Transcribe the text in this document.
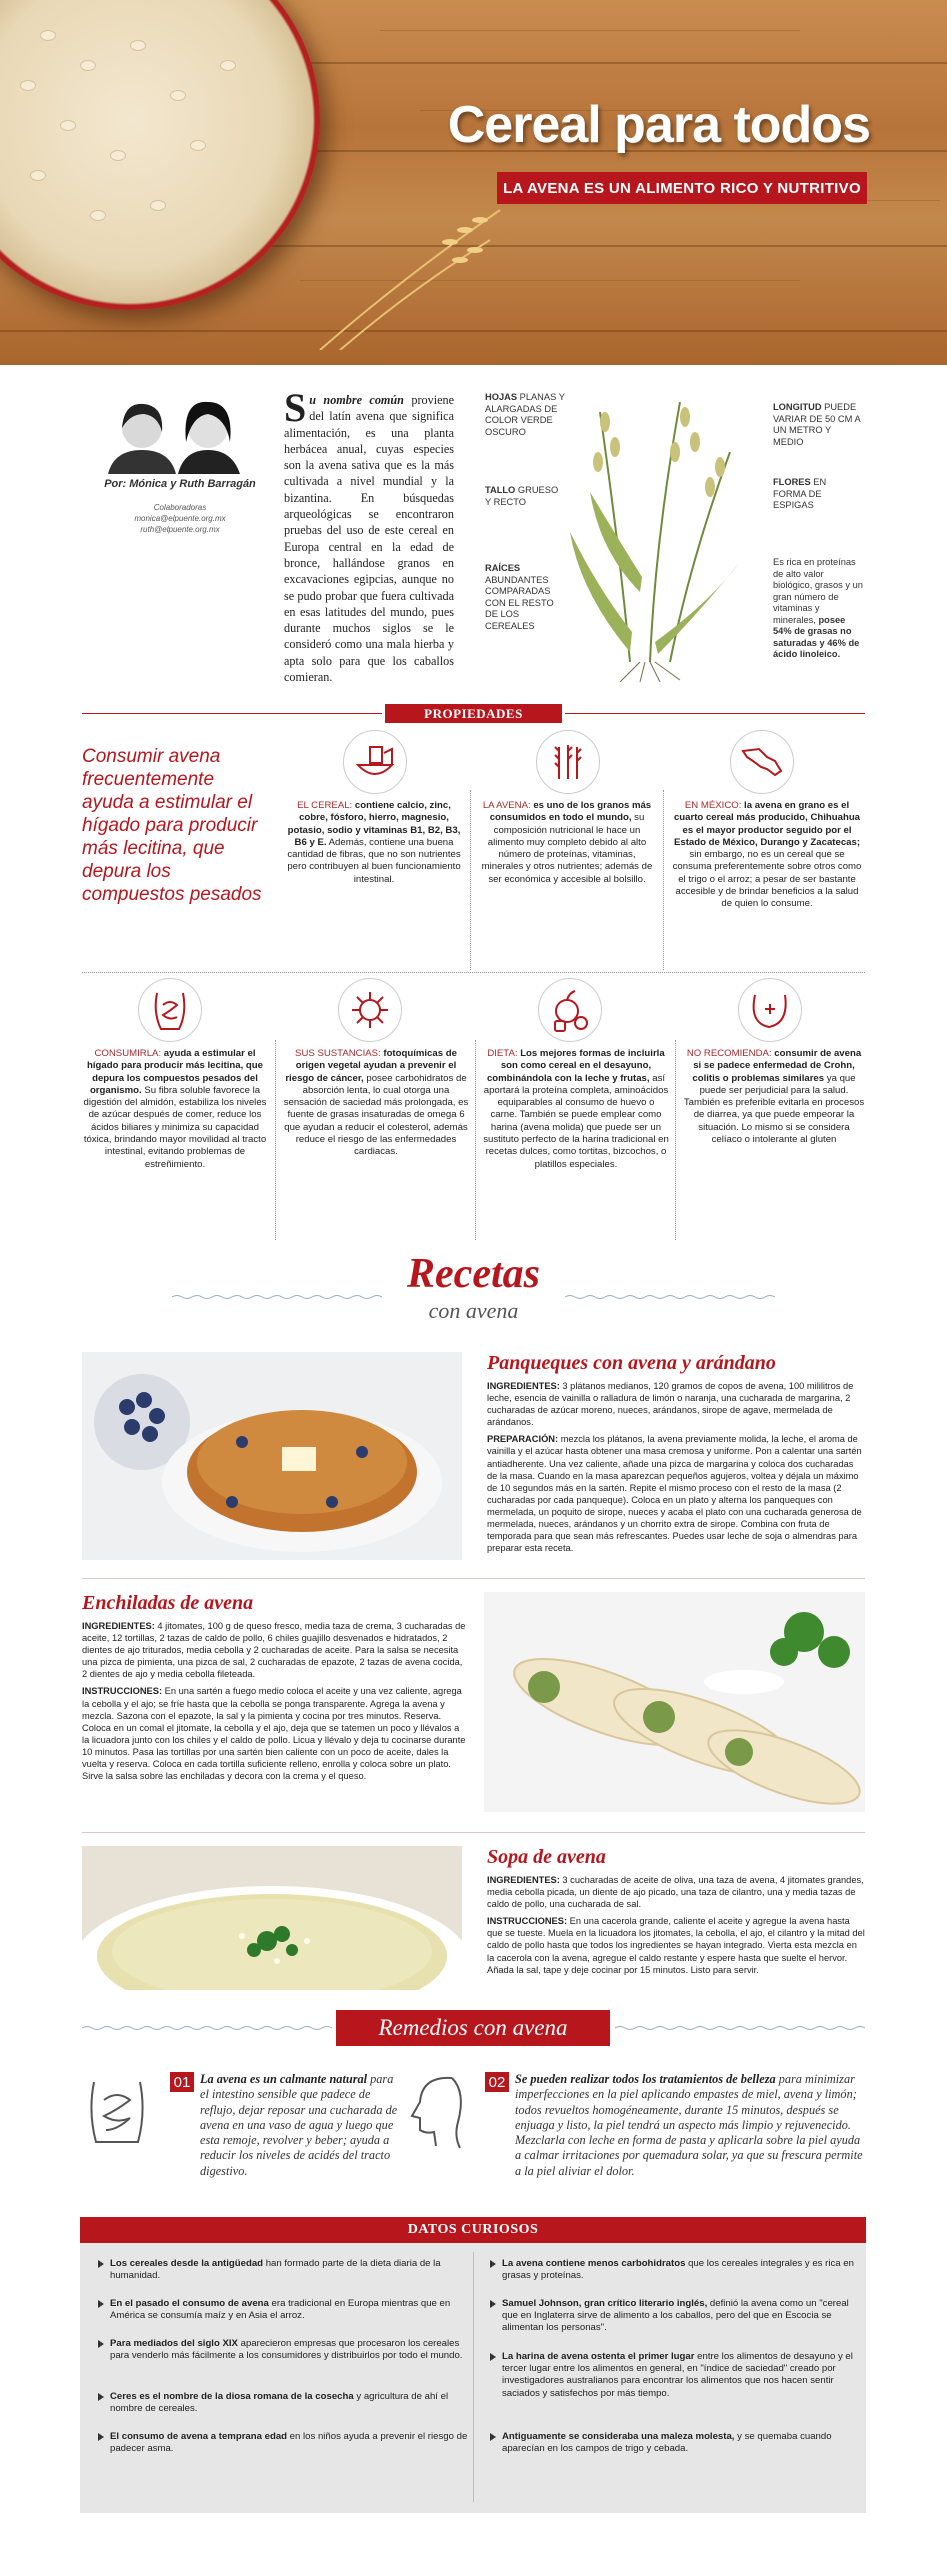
Cereal para todos
LA AVENA ES UN ALIMENTO RICO Y NUTRITIVO
Por: Mónica y Ruth Barragán
Colaboradoras
monica@elpuente.org.mx
ruth@elpuente.org.mx
Su nombre común proviene del latín avena que significa alimentación, es una planta herbácea anual, cuyas especies son la avena sativa que es la más cultivada a nivel mundial y la bizantina. En búsquedas arqueológicas se encontraron pruebas del uso de este cereal en Europa central en la edad de bronce, hallándose granos en excavaciones egipcias, aunque no se pudo probar que fuera cultivada en esas latitudes del mundo, pues durante muchos siglos se le consideró como una mala hierba y apta solo para que los caballos comieran.
HOJAS PLANAS Y ALARGADAS DE COLOR VERDE OSCURO
TALLO GRUESO Y RECTO
RAÍCES ABUNDANTES COMPARADAS CON EL RESTO DE LOS CEREALES
LONGITUD PUEDE VARIAR DE 50 CM A UN METRO Y MEDIO
FLORES EN FORMA DE ESPIGAS
Es rica en proteínas de alto valor biológico, grasos y un gran número de vitaminas y minerales, posee 54% de grasas no saturadas y 46% de ácido linoleico.
PROPIEDADES
Consumir avena frecuentemente ayuda a estimular el hígado para producir más lecitina, que depura los compuestos pesados
EL CEREAL: contiene calcio, zinc, cobre, fósforo, hierro, magnesio, potasio, sodio y vitaminas B1, B2, B3, B6 y E. Además, contiene una buena cantidad de fibras, que no son nutrientes pero contribuyen al buen funcionamiento intestinal.
LA AVENA: es uno de los granos más consumidos en todo el mundo, su composición nutricional le hace un alimento muy completo debido al alto número de proteínas, vitaminas, minerales y otros nutrientes; además de ser económica y accesible al bolsillo.
EN MÉXICO: la avena en grano es el cuarto cereal más producido, Chihuahua es el mayor productor seguido por el Estado de México, Durango y Zacatecas; sin embargo, no es un cereal que se consuma preferentemente sobre otros como el trigo o el arroz; a pesar de ser bastante accesible y de brindar beneficios a la salud de quien lo consume.
CONSUMIRLA: ayuda a estimular el hígado para producir más lecitina, que depura los compuestos pesados del organismo. Su fibra soluble favorece la digestión del almidón, estabiliza los niveles de azúcar después de comer, reduce los ácidos biliares y minimiza su capacidad tóxica, brindando mayor movilidad al tracto intestinal, evitando problemas de estreñimiento.
SUS SUSTANCIAS: fotoquímicas de origen vegetal ayudan a prevenir el riesgo de cáncer, posee carbohidratos de absorción lenta, lo cual otorga una sensación de saciedad más prolongada, es fuente de grasas insaturadas de omega 6 que ayudan a reducir el colesterol, además reduce el riesgo de las enfermedades cardiacas.
DIETA: Los mejores formas de incluirla son como cereal en el desayuno, combinándola con la leche y frutas, así aportará la proteína completa, aminoácidos equiparables al consumo de huevo o carne. También se puede emplear como harina (avena molida) que puede ser un sustituto perfecto de la harina tradicional en recetas dulces, como tortitas, bizcochos, o platillos especiales.
NO RECOMIENDA: consumir de avena si se padece enfermedad de Crohn, colitis o problemas similares ya que puede ser perjudicial para la salud. También es preferible evitarla en procesos de diarrea, ya que puede empeorar la situación. Lo mismo si se considera celíaco o intolerante al gluten
Recetas
con avena
Panqueques con avena y arándano

INGREDIENTES: 3 plátanos medianos, 120 gramos de copos de avena, 100 mililitros de leche, esencia de vainilla o ralladura de limón o naranja, una cucharada de margarina, 2 cucharadas de azúcar moreno, nueces, arándanos, sirope de agave, mermelada de arándanos.

PREPARACIÓN: mezcla los plátanos, la avena previamente molida, la leche, el aroma de vainilla y el azúcar hasta obtener una masa cremosa y uniforme. Pon a calentar una sartén antiadherente. Una vez caliente, añade una pizca de margarina y coloca dos cucharadas de la masa. Cuando en la masa aparezcan pequeños agujeros, voltea y déjala un máximo de 10 segundos más en la sartén. Repite el mismo proceso con el resto de la masa (2 cucharadas por cada panqueque). Coloca en un plato y alterna los panqueques con mermelada, un poquito de sirope, nueces y acaba el plato con una cucharada generosa de mermelada, nueces, arándanos y un chorrito extra de sirope. Combina con fruta de temporada para que sean más refrescantes. Puedes usar leche de soja o almendras para preparar esta receta.

Enchiladas de avena

INGREDIENTES: 4 jitomates, 100 g de queso fresco, media taza de crema, 3 cucharadas de aceite, 12 tortillas, 2 tazas de caldo de pollo, 6 chiles guajillo desvenados e hidratados, 2 dientes de ajo triturados, media cebolla y 2 cucharadas de aceite. Para la salsa se necesita una pizca de pimienta, una pizca de sal, 2 cucharadas de epazote, 2 tazas de avena cocida, 2 dientes de ajo y media cebolla fileteada.

INSTRUCCIONES: En una sartén a fuego medio coloca el aceite y una vez caliente, agrega la cebolla y el ajo; se fríe hasta que la cebolla se ponga transparente. Agrega la avena y mezcla. Sazona con el epazote, la sal y la pimienta y cocina por tres minutos. Reserva. Coloca en un comal el jitomate, la cebolla y el ajo, deja que se tatemen un poco y llévalos a la licuadora junto con los chiles y el caldo de pollo. Licua y llévalo y deja tu cocinarse durante 10 minutos. Pasa las tortillas por una sartén bien caliente con un poco de aceite, dales la vuelta y reserva. Coloca en cada tortilla suficiente relleno, enrolla y coloca sobre un plato. Sirve la salsa sobre las enchiladas y decora con la crema y el queso.

Sopa de avena

INGREDIENTES: 3 cucharadas de aceite de oliva, una taza de avena, 4 jitomates grandes, media cebolla picada, un diente de ajo picado, una taza de cilantro, una y media tazas de caldo de pollo, una cucharada de sal.

INSTRUCCIONES: En una cacerola grande, caliente el aceite y agregue la avena hasta que se tueste. Muela en la licuadora los jitomates, la cebolla, el ajo, el cilantro y la mitad del caldo de pollo hasta que todos los ingredientes se hayan integrado. Vierta esta mezcla en la cacerola con la avena, agregue el caldo restante y espere hasta que suelte el hervor. Añada la sal, tape y deje cocinar por 15 minutos. Listo para servir.

Remedios con avena
01 La avena es un calmante natural para el intestino sensible que padece de reflujo, dejar reposar una cucharada de avena en una vaso de agua y luego que esta remoje, revolver y beber; ayuda a reducir los niveles de acidés del tracto digestivo.
02 Se pueden realizar todos los tratamientos de belleza para minimizar imperfecciones en la piel aplicando empastes de miel, avena y limón; todos revueltos homogéneamente, durante 15 minutos, después se enjuaga y listo, la piel tendrá un aspecto más limpio y rejuvenecido. Mezclarla con leche en forma de pasta y aplicarla sobre la piel ayuda a calmar irritaciones por quemadura solar, ya que su frescura permite a la piel aliviar el dolor.
DATOS CURIOSOS
Los cereales desde la antigüedad han formado parte de la dieta diaria de la humanidad.
En el pasado el consumo de avena era tradicional en Europa mientras que en América se consumía maíz y en Asia el arroz.
Para mediados del siglo XIX aparecieron empresas que procesaron los cereales para venderlo más fácilmente a los consumidores y distribuirlos por todo el mundo.
Ceres es el nombre de la diosa romana de la cosecha y agricultura de ahí el nombre de cereales.
El consumo de avena a temprana edad en los niños ayuda a prevenir el riesgo de padecer asma.
La avena contiene menos carbohidratos que los cereales integrales y es rica en grasas y proteínas.
Samuel Johnson, gran crítico literario inglés, definió la avena como un "cereal que en Inglaterra sirve de alimento a los caballos, pero del que en Escocia se alimentan los personas".
La harina de avena ostenta el primer lugar entre los alimentos de desayuno y el tercer lugar entre los alimentos en general, en "índice de saciedad" creado por investigadores australianos para encontrar los alimentos que nos hacen sentir saciados y satisfechos por más tiempo.
Antiguamente se consideraba una maleza molesta, y se quemaba cuando aparecían en los campos de trigo y cebada.
